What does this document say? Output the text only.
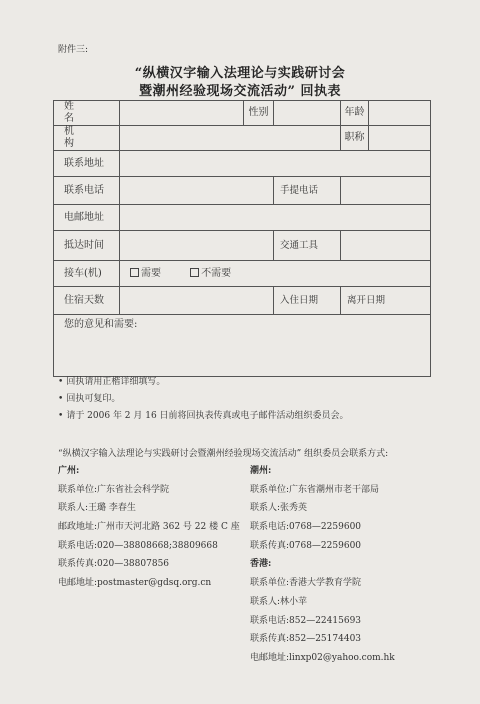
附件三:
“纵横汉字输入法理论与实践研讨会
暨潮州经验现场交流活动” 回执表
姓名		性别		年龄	
机构				职称	
联系地址					
联系电话			手提电话		
电邮地址					
抵达时间			交通工具		
接车(机)	需要 不需要				
住宿天数			入住日期	离开日期	
您的意见和需要:					
• 回执请用正楷详细填写。
• 回执可复印。
• 请于 2006 年 2 月 16 日前将回执表传真或电子邮件活动组织委员会。
“纵横汉字输入法理论与实践研讨会暨潮州经验现场交流活动” 组织委员会联系方式:
广州:
联系单位:广东省社会科学院
联系人:王璐 李春生
邮政地址:广州市天河北路 362 号 22 楼 C 座
联系电话:020—38808668;38809668
联系传真:020—38807856
电邮地址:postmaster@gdsq.org.cn
潮州:
联系单位:广东省潮州市老干部局
联系人:张秀英
联系电话:0768—2259600
联系传真:0768—2259600
香港:
联系单位:香港大学教育学院
联系人:林小苹
联系电话:852—22415693
联系传真:852—25174403
电邮地址:linxp02@yahoo.com.hk
